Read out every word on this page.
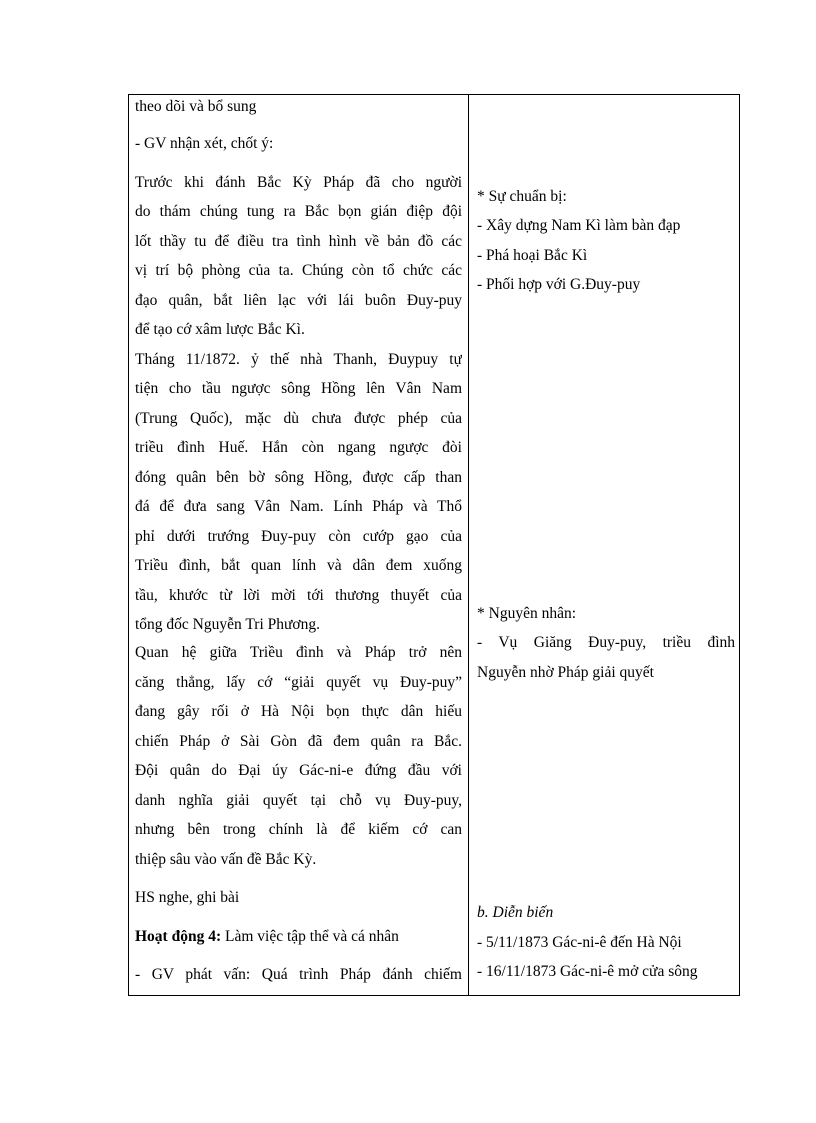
theo dõi và bổ sung
- GV nhận xét, chốt ý:
Trước khi đánh Bắc Kỳ Pháp đã cho người
do thám chúng tung ra Bắc bọn gián điệp đội
lốt thầy tu để điều tra tình hình về bản đồ các
vị trí bộ phòng của ta. Chúng còn tổ chức các
đạo quân, bắt liên lạc với lái buôn Đuy-puy
để tạo cớ xâm lược Bắc Kì.
Tháng 11/1872. ỷ thế nhà Thanh, Đuypuy tự
tiện cho tầu ngược sông Hồng lên Vân Nam
(Trung Quốc), mặc dù chưa được phép của
triều đình Huế. Hắn còn ngang ngược đòi
đóng quân bên bờ sông Hồng, được cấp than
đá để đưa sang Vân Nam. Lính Pháp và Thổ
phỉ dưới trướng Đuy-puy còn cướp gạo của
Triều đình, bắt quan lính và dân đem xuống
tầu, khước từ lời mời tới thương thuyết của
tổng đốc Nguyễn Tri Phương.
Quan hệ giữa Triều đình và Pháp trở nên
căng thẳng, lấy cớ “giải quyết vụ Đuy-puy”
đang gây rối ở Hà Nội bọn thực dân hiếu
chiến Pháp ở Sài Gòn đã đem quân ra Bắc.
Đội quân do Đại úy Gác-ni-e đứng đầu với
danh nghĩa giải quyết tại chỗ vụ Đuy-puy,
nhưng bên trong chính là để kiếm cớ can
thiệp sâu vào vấn đề Bắc Kỳ.
HS nghe, ghi bài
Hoạt động 4: Làm việc tập thể và cá nhân
- GV phát vấn: Quá trình Pháp đánh chiếm
* Sự chuẩn bị:
- Xây dựng Nam Kì làm bàn đạp
- Phá hoại Bắc Kì
- Phối hợp với G.Đuy-puy
* Nguyên nhân:
- Vụ Giăng Đuy-puy, triều đình
Nguyễn nhờ Pháp giải quyết
b. Diễn biến
- 5/11/1873 Gác-ni-ê đến Hà Nội
- 16/11/1873 Gác-ni-ê mở cửa sông
